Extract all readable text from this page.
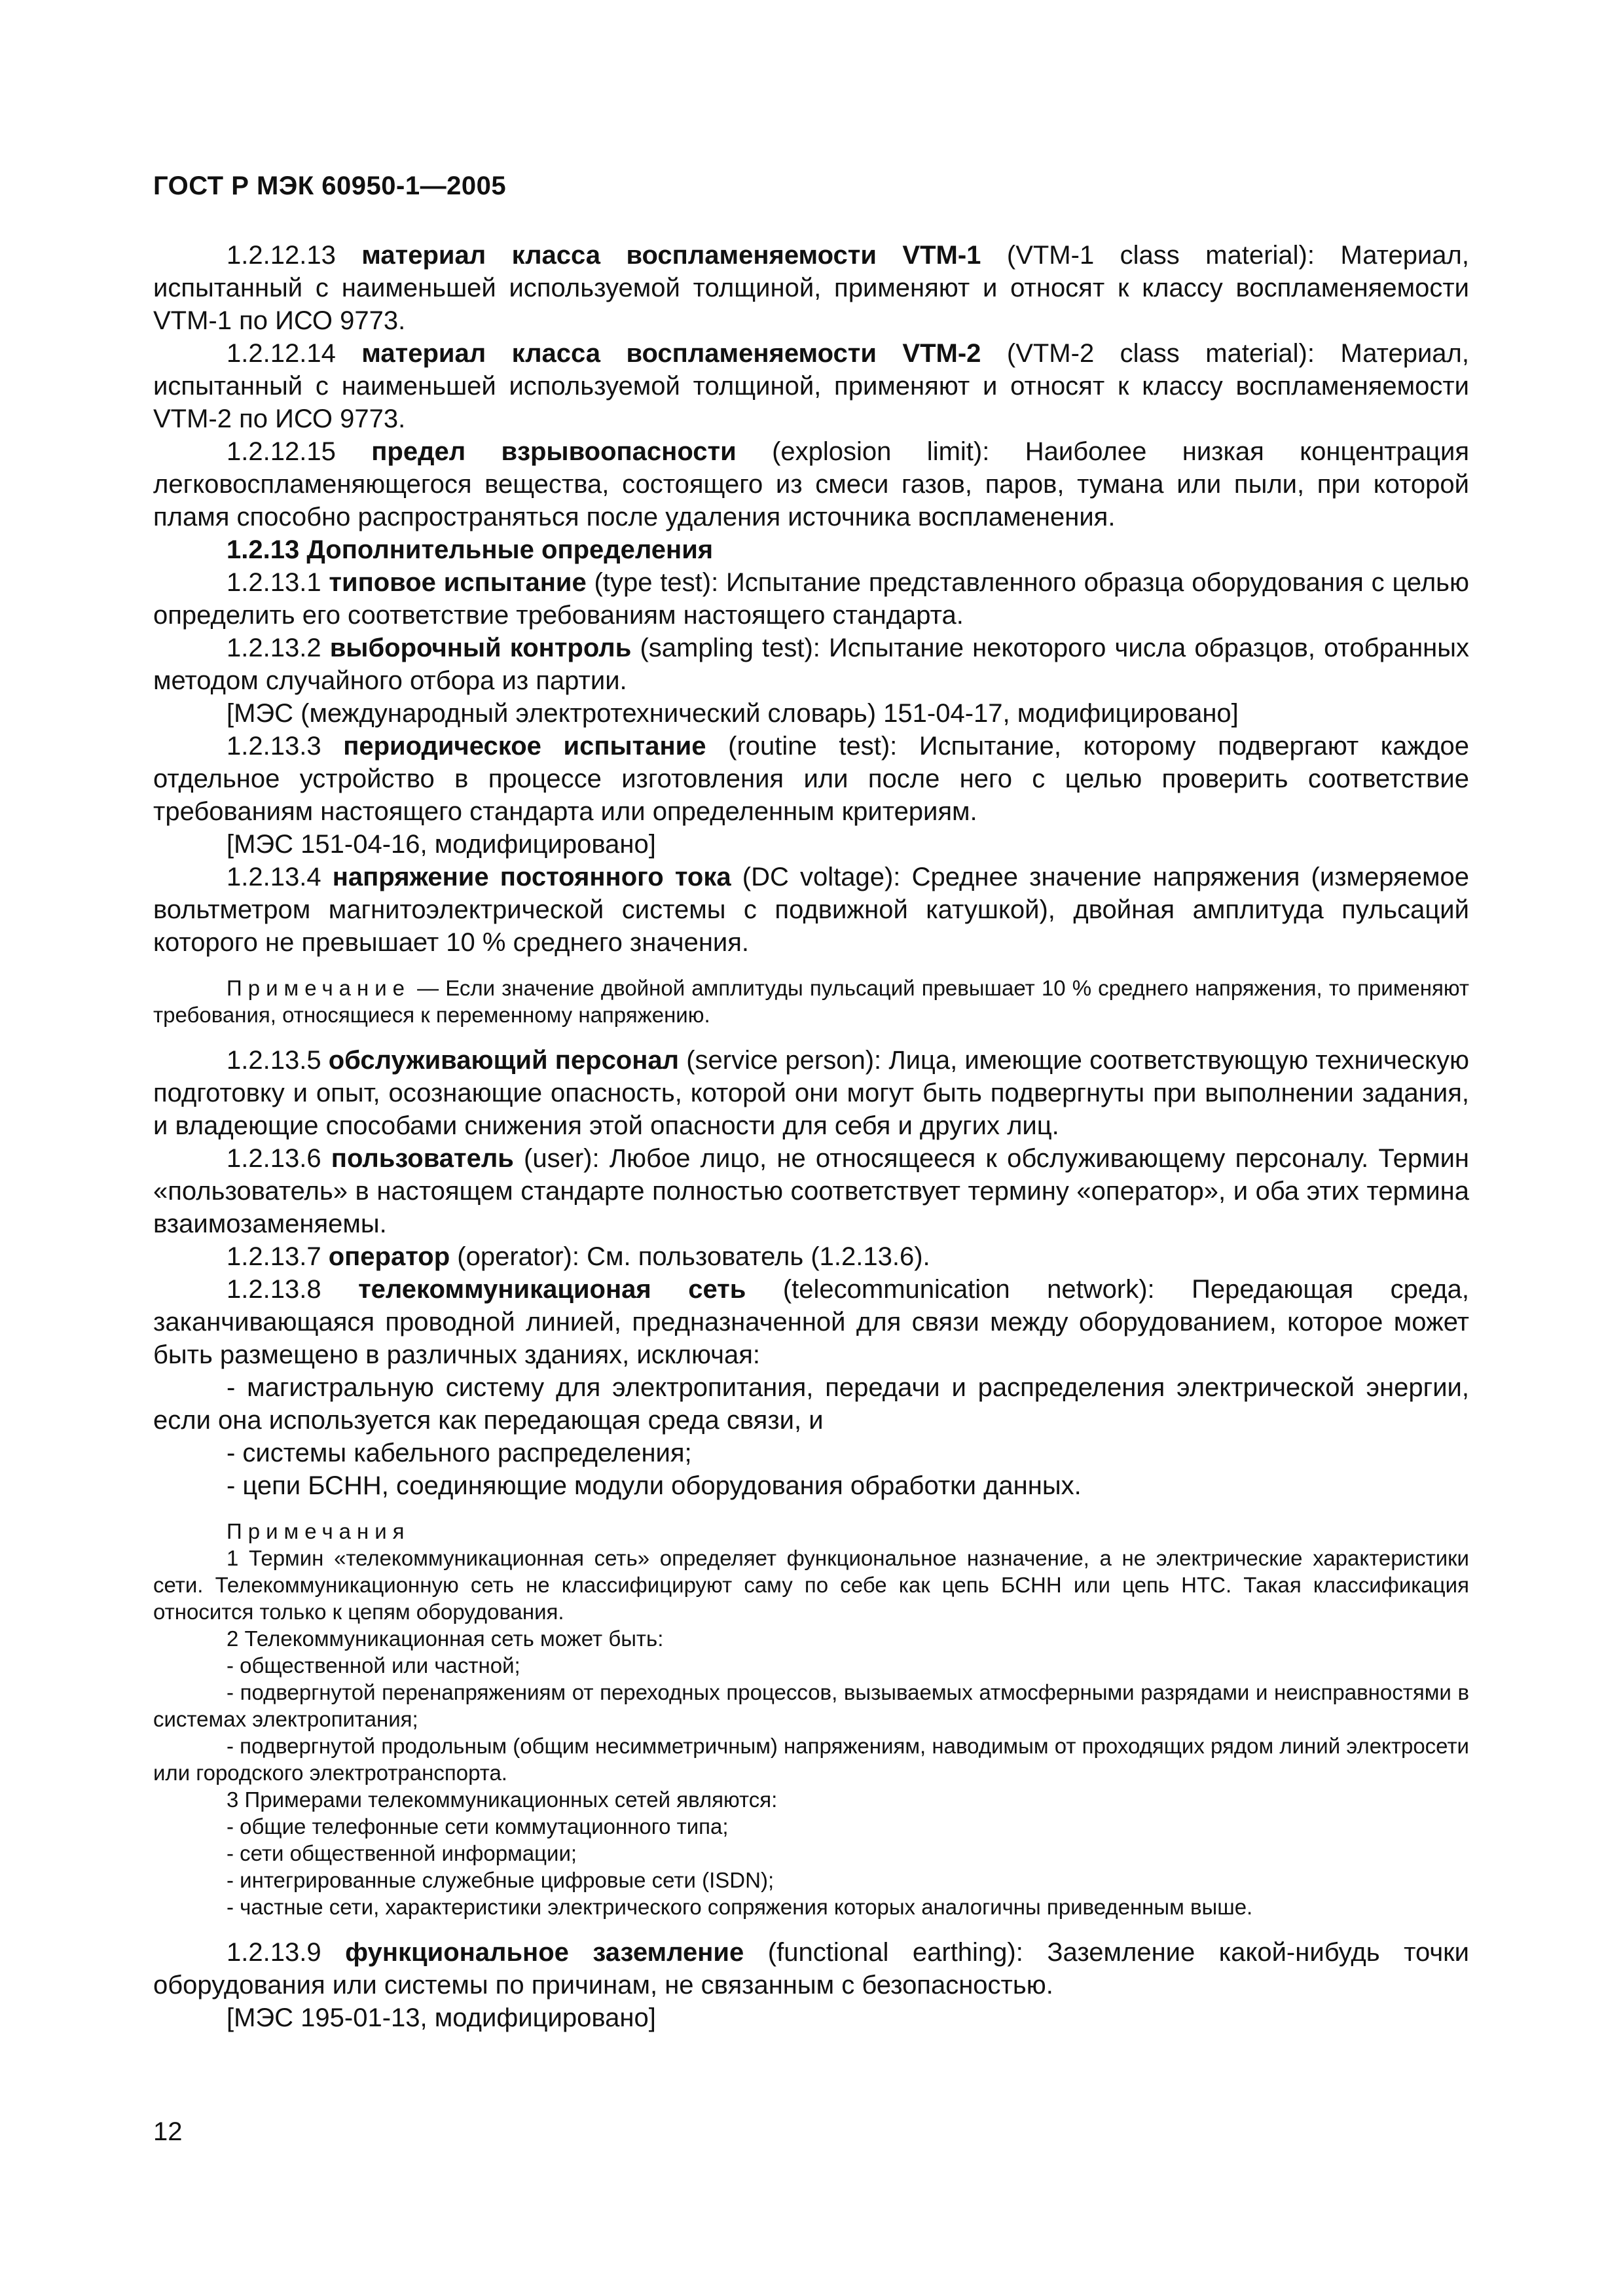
ГОСТ Р МЭК 60950-1—2005

1.2.12.13 материал класса воспламеняемости VTM-1 (VTM-1 class material): Материал, испытанный с наименьшей используемой толщиной, применяют и относят к классу воспламеняемости VTM-1 по ИСО 9773.

1.2.12.14 материал класса воспламеняемости VTM-2 (VTM-2 class material): Материал, испытанный с наименьшей используемой толщиной, применяют и относят к классу воспламеняемости VTM-2 по ИСО 9773.

1.2.12.15 предел взрывоопасности (explosion limit): Наиболее низкая концентрация легковоспламеняющегося вещества, состоящего из смеси газов, паров, тумана или пыли, при которой пламя способно распространяться после удаления источника воспламенения.

1.2.13 Дополнительные определения

1.2.13.1 типовое испытание (type test): Испытание представленного образца оборудования с целью определить его соответствие требованиям настоящего стандарта.

1.2.13.2 выборочный контроль (sampling test): Испытание некоторого числа образцов, отобранных методом случайного отбора из партии.

[МЭС (международный электротехнический словарь) 151-04-17, модифицировано]

1.2.13.3 периодическое испытание (routine test): Испытание, которому подвергают каждое отдельное устройство в процессе изготовления или после него с целью проверить соответствие требованиям настоящего стандарта или определенным критериям.

[МЭС 151-04-16, модифицировано]

1.2.13.4 напряжение постоянного тока (DC voltage): Среднее значение напряжения (измеряемое вольтметром магнитоэлектрической системы с подвижной катушкой), двойная амплитуда пульсаций которого не превышает 10 % среднего значения.

Примечание — Если значение двойной амплитуды пульсаций превышает 10 % среднего напряжения, то применяют требования, относящиеся к переменному напряжению.

1.2.13.5 обслуживающий персонал (service person): Лица, имеющие соответствующую техническую подготовку и опыт, осознающие опасность, которой они могут быть подвергнуты при выполнении задания, и владеющие способами снижения этой опасности для себя и других лиц.

1.2.13.6 пользователь (user): Любое лицо, не относящееся к обслуживающему персоналу. Термин «пользователь» в настоящем стандарте полностью соответствует термину «оператор», и оба этих термина взаимозаменяемы.

1.2.13.7 оператор (operator): См. пользователь (1.2.13.6).

1.2.13.8 телекоммуникационая сеть (telecommunication network): Передающая среда, заканчивающаяся проводной линией, предназначенной для связи между оборудованием, которое может быть размещено в различных зданиях, исключая:

- магистральную систему для электропитания, передачи и распределения электрической энергии, если она используется как передающая среда связи, и

- системы кабельного распределения;

- цепи БСНН, соединяющие модули оборудования обработки данных.

Примечания

1 Термин «телекоммуникационная сеть» определяет функциональное назначение, а не электрические характеристики сети. Телекоммуникационную сеть не классифицируют саму по себе как цепь БСНН или цепь НТС. Такая классификация относится только к цепям оборудования.

2 Телекоммуникационная сеть может быть:

- общественной или частной;

- подвергнутой перенапряжениям от переходных процессов, вызываемых атмосферными разрядами и неисправностями в системах электропитания;

- подвергнутой продольным (общим несимметричным) напряжениям, наводимым от проходящих рядом линий электросети или городского электротранспорта.

3 Примерами телекоммуникационных сетей являются:

- общие телефонные сети коммутационного типа;

- сети общественной информации;

- интегрированные служебные цифровые сети (ISDN);

- частные сети, характеристики электрического сопряжения которых аналогичны приведенным выше.

1.2.13.9 функциональное заземление (functional earthing): Заземление какой-нибудь точки оборудования или системы по причинам, не связанным с безопасностью.

[МЭС 195-01-13, модифицировано]

12
